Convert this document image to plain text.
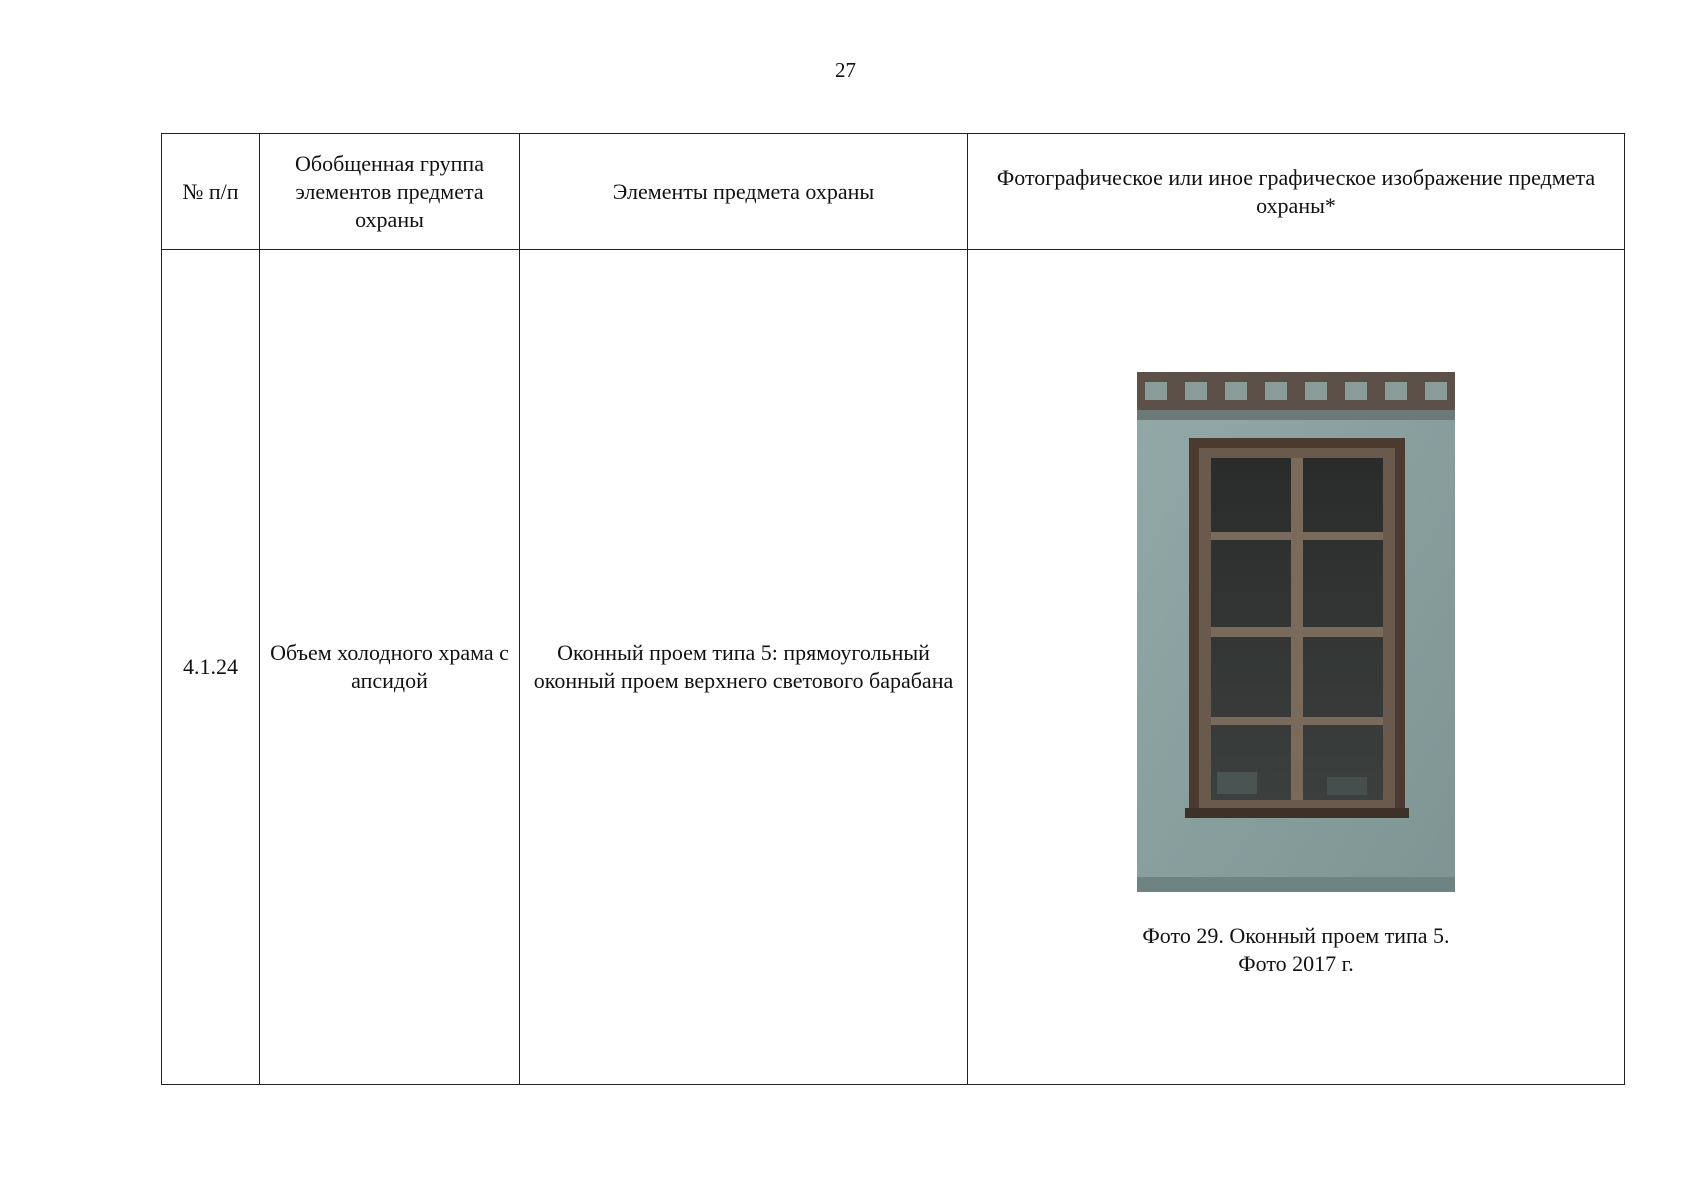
27
№ п/п	Обобщенная группа элементов предмета охраны	Элементы предмета охраны	Фотографическое или иное графическое изображение предмета охраны*
4.1.24	Объем холодного храма с апсидой	Оконный проем типа 5: прямоугольный оконный проем верхнего светового барабана	Фото 29. Оконный проем типа 5.
Фото 2017 г.
